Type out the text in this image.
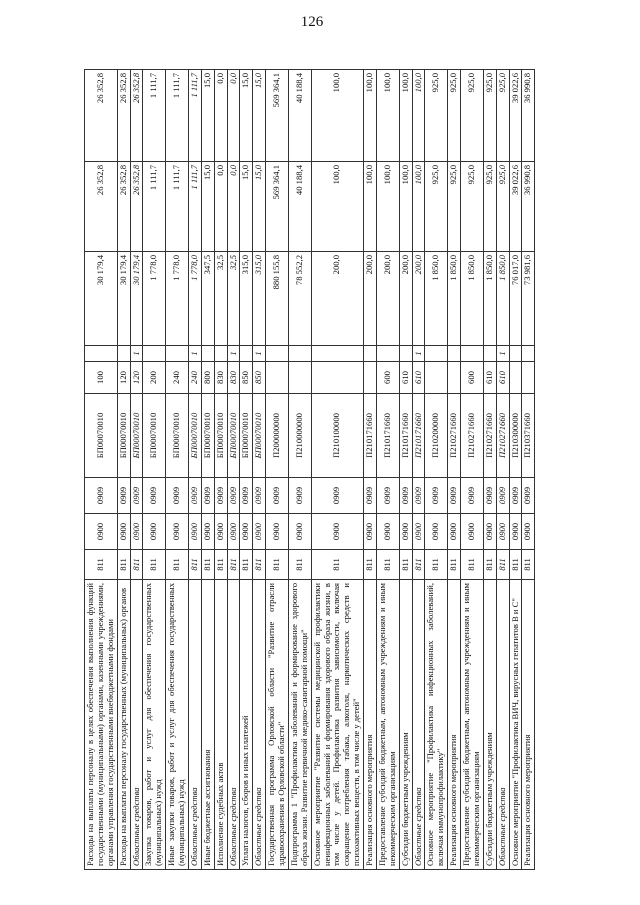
126
Расходы на выплаты персоналу в целях обеспечения выполнения функций государственными (муниципальными) органами, казенными учреждениями, органами управления государственными внебюджетными фондами	811	0900	0909	БП00070010	100		30 179,4	26 352,8	26 352,8
Расходы на выплаты персоналу государственных (муниципальных) органов	811	0900	0909	БП00070010	120		30 179,4	26 352,8	26 352,8
Областные средства	811	0900	0909	БП00070010	120	1	30 179,4	26 352,8	26 352,8
Закупка товаров, работ и услуг для обеспечения государственных (муниципальных) нужд	811	0900	0909	БП00070010	200		1 778,0	1 111,7	1 111,7
Иные закупки товаров, работ и услуг для обеспечения государственных (муниципальных) нужд	811	0900	0909	БП00070010	240		1 778,0	1 111,7	1 111,7
Областные средства	811	0900	0909	БП00070010	240	1	1 778,0	1 111,7	1 111,7
Иные бюджетные ассигнования	811	0900	0909	БП00070010	800		347,5	15,0	15,0
Исполнение судебных актов	811	0900	0909	БП00070010	830		32,5	0,0	0,0
Областные средства	811	0900	0909	БП00070010	830	1	32,5	0,0	0,0
Уплата налогов, сборов и иных платежей	811	0900	0909	БП00070010	850		315,0	15,0	15,0
Областные средства	811	0900	0909	БП00070010	850	1	315,0	15,0	15,0
Государственная программа Орловской области "Развитие отрасли здравоохранения в Орловской области"	811	0900	0909	П200000000			880 155,8	569 364,1	569 364,1
Подпрограмма 1 "Профилактика заболеваний и формирование здорового образа жизни. Развитие первичной медико-санитарной помощи"	811	0900	0909	П210000000			78 552,2	40 188,4	40 188,4
Основное мероприятие "Развитие системы медицинской профилактики неинфекционных заболеваний и формирования здорового образа жизни, в том числе у детей. Профилактика развития зависимости, включая сокращение потребления табака, алкоголя, наркотических средств и психоактивных веществ, в том числе у детей"	811	0900	0909	П210100000			200,0	100,0	100,0
Реализация основного мероприятия	811	0900	0909	П210171660			200,0	100,0	100,0
Предоставление субсидий бюджетным, автономным учреждениям и иным некоммерческим организациям	811	0900	0909	П210171660	600		200,0	100,0	100,0
Субсидии бюджетным учреждениям	811	0900	0909	П210171660	610		200,0	100,0	100,0
Областные средства	811	0900	0909	П210171660	610	1	200,0	100,0	100,0
Основное мероприятие "Профилактика инфекционных заболеваний, включая иммунопрофилактику"	811	0900	0909	П210200000			1 850,0	925,0	925,0
Реализация основного мероприятия	811	0900	0909	П210271660			1 850,0	925,0	925,0
Предоставление субсидий бюджетным, автономным учреждениям и иным некоммерческим организациям	811	0900	0909	П210271660	600		1 850,0	925,0	925,0
Субсидии бюджетным учреждениям	811	0900	0909	П210271660	610		1 850,0	925,0	925,0
Областные средства	811	0900	0909	П210271660	610	1	1 850,0	925,0	925,0
Основное мероприятие "Профилактика ВИЧ, вирусных гепатитов В и С"	811	0900	0909	П210300000			76 017,0	39 022,6	39 022,6
Реализация основного мероприятия	811	0900	0909	П210371660			73 981,6	36 990,8	36 990,8
